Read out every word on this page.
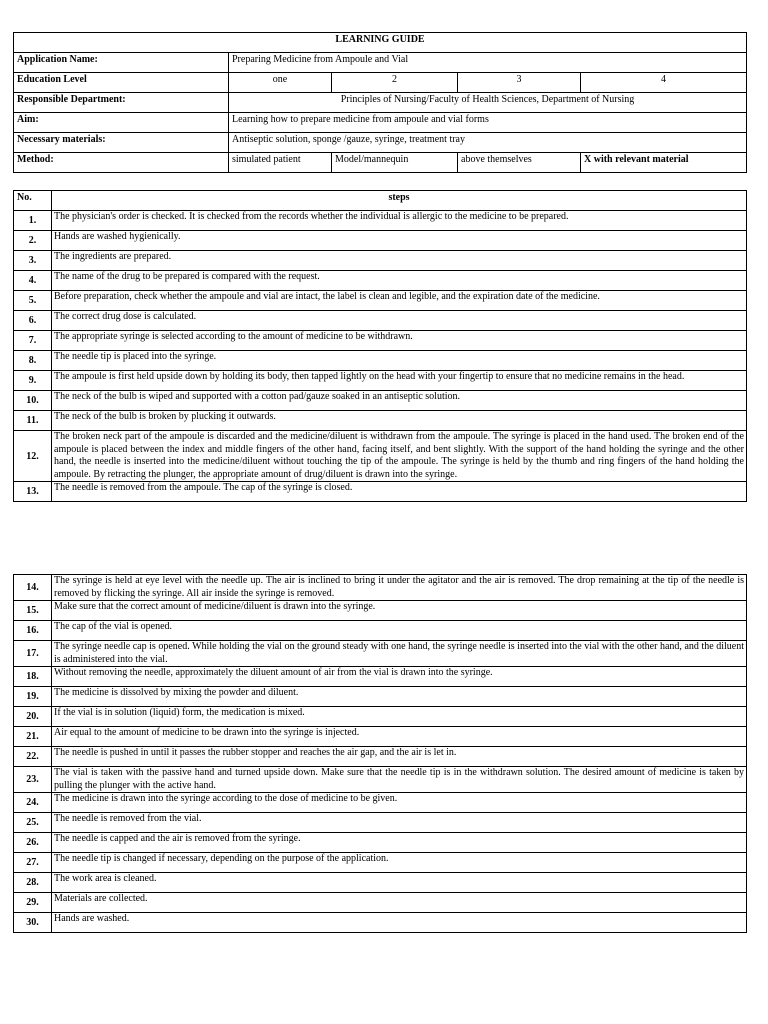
LEARNING GUIDE				
Application Name:	Preparing Medicine from Ampoule and Vial			
Education Level	one	2	3	4
Responsible Department:	Principles of Nursing/Faculty of Health Sciences, Department of Nursing			
Aim:	Learning how to prepare medicine from ampoule and vial forms			
Necessary materials:	Antiseptic solution, sponge /gauze, syringe, treatment tray			
Method:	simulated patient	Model/mannequin	above themselves	X with relevant material
No.	steps
1.	The physician's order is checked. It is checked from the records whether the individual is allergic to the medicine to be prepared.
2.	Hands are washed hygienically.
3.	The ingredients are prepared.
4.	The name of the drug to be prepared is compared with the request.
5.	Before preparation, check whether the ampoule and vial are intact, the label is clean and legible, and the expiration date of the medicine.
6.	The correct drug dose is calculated.
7.	The appropriate syringe is selected according to the amount of medicine to be withdrawn.
8.	The needle tip is placed into the syringe.
9.	The ampoule is first held upside down by holding its body, then tapped lightly on the head with your fingertip to ensure that no medicine remains in the head.
10.	The neck of the bulb is wiped and supported with a cotton pad/gauze soaked in an antiseptic solution.
11.	The neck of the bulb is broken by plucking it outwards.
12.	The broken neck part of the ampoule is discarded and the medicine/diluent is withdrawn from the ampoule. The syringe is placed in the hand used. The broken end of the ampoule is placed between the index and middle fingers of the other hand, facing itself, and bent slightly. With the support of the hand holding the syringe and the other hand, the needle is inserted into the medicine/diluent without touching the tip of the ampoule. The syringe is held by the thumb and ring fingers of the hand holding the ampoule. By retracting the plunger, the appropriate amount of drug/diluent is drawn into the syringe.
13.	The needle is removed from the ampoule. The cap of the syringe is closed.
14.	The syringe is held at eye level with the needle up. The air is inclined to bring it under the agitator and the air is removed. The drop remaining at the tip of the needle is removed by flicking the syringe. All air inside the syringe is removed.
15.	Make sure that the correct amount of medicine/diluent is drawn into the syringe.
16.	The cap of the vial is opened.
17.	The syringe needle cap is opened. While holding the vial on the ground steady with one hand, the syringe needle is inserted into the vial with the other hand, and the diluent is administered into the vial.
18.	Without removing the needle, approximately the diluent amount of air from the vial is drawn into the syringe.
19.	The medicine is dissolved by mixing the powder and diluent.
20.	If the vial is in solution (liquid) form, the medication is mixed.
21.	Air equal to the amount of medicine to be drawn into the syringe is injected.
22.	The needle is pushed in until it passes the rubber stopper and reaches the air gap, and the air is let in.
23.	The vial is taken with the passive hand and turned upside down. Make sure that the needle tip is in the withdrawn solution. The desired amount of medicine is taken by pulling the plunger with the active hand.
24.	The medicine is drawn into the syringe according to the dose of medicine to be given.
25.	The needle is removed from the vial.
26.	The needle is capped and the air is removed from the syringe.
27.	The needle tip is changed if necessary, depending on the purpose of the application.
28.	The work area is cleaned.
29.	Materials are collected.
30.	Hands are washed.
